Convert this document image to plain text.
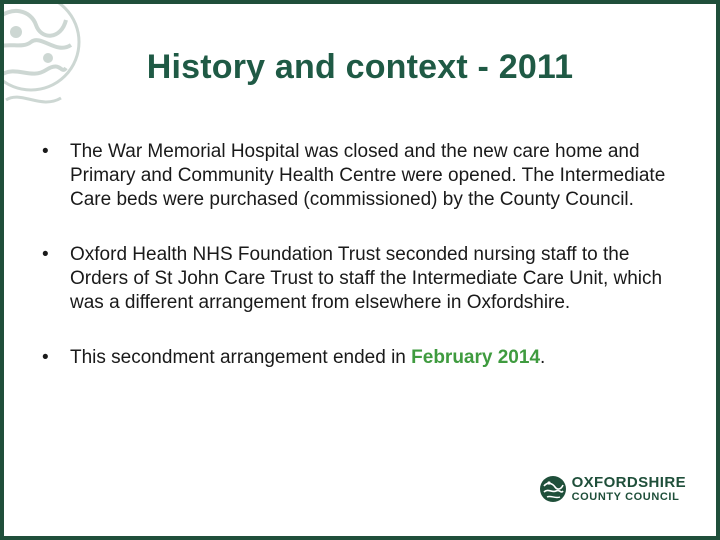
History and context - 2011
• The War Memorial Hospital was closed and the new care home and Primary and Community Health Centre were opened. The Intermediate Care beds were purchased (commissioned) by the County Council.
• Oxford Health NHS Foundation Trust seconded nursing staff to the Orders of St John Care Trust to staff the Intermediate Care Unit, which was a different arrangement from elsewhere in Oxfordshire.
• This secondment arrangement ended in February 2014.
OXFORDSHIRE
COUNTY COUNCIL
